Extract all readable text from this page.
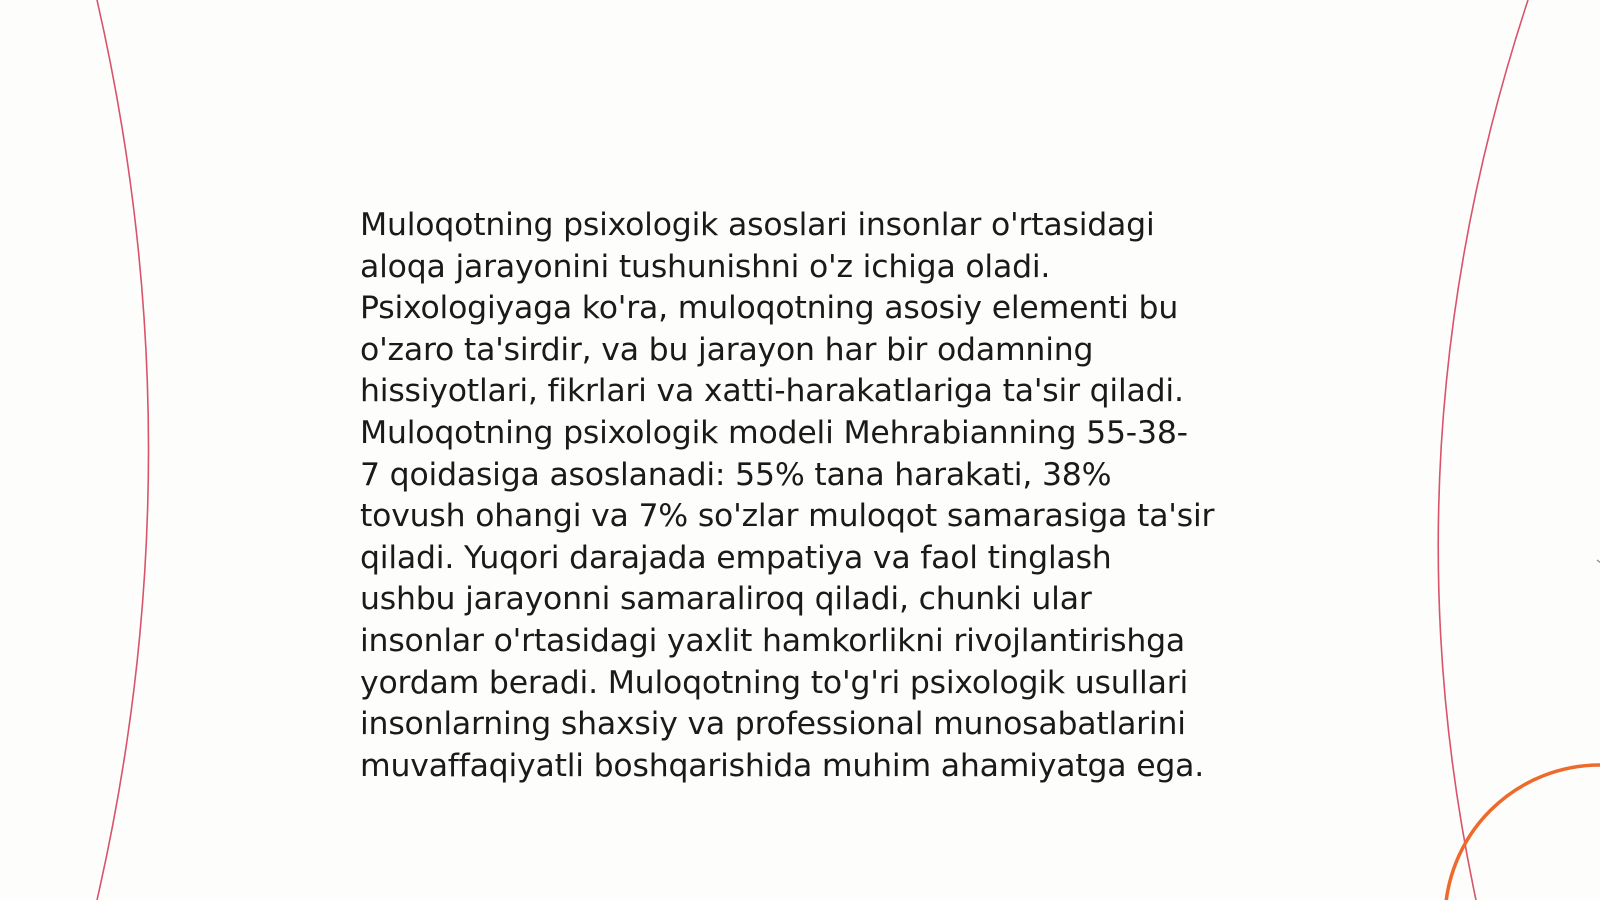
Muloqotning psixologik asoslari insonlar o'rtasidagi
aloqa jarayonini tushunishni o'z ichiga oladi.
Psixologiyaga ko'ra, muloqotning asosiy elementi bu
o'zaro ta'sirdir, va bu jarayon har bir odamning
hissiyotlari, fikrlari va xatti-harakatlariga ta'sir qiladi.
Muloqotning psixologik modeli Mehrabianning 55-38-
7 qoidasiga asoslanadi: 55% tana harakati, 38%
tovush ohangi va 7% so'zlar muloqot samarasiga ta'sir
qiladi. Yuqori darajada empatiya va faol tinglash
ushbu jarayonni samaraliroq qiladi, chunki ular
insonlar o'rtasidagi yaxlit hamkorlikni rivojlantirishga
yordam beradi. Muloqotning to'g'ri psixologik usullari
insonlarning shaxsiy va professional munosabatlarini
muvaffaqiyatli boshqarishida muhim ahamiyatga ega.
